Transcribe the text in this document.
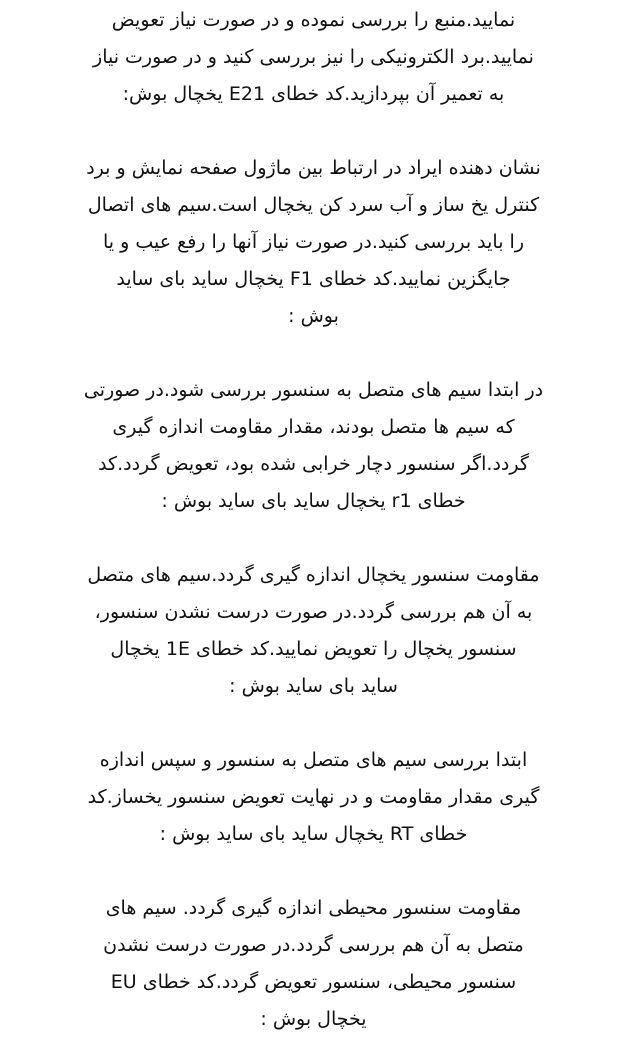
نمایید.منبع را بررسی نموده و در صورت نیاز تعویض
نمایید.برد الکترونیکی را نیز بررسی کنید و در صورت نیاز
به تعمیر آن بپردازید.کد خطای E21 یخچال بوش:

نشان دهنده ایراد در ارتباط بین ماژول صفحه نمایش و برد
کنترل یخ ساز و آب سرد کن یخچال است.سیم های اتصال
را باید بررسی کنید.در صورت نیاز آنها را رفع عیب و یا
جایگزین نمایید.کد خطای F1 یخچال ساید بای ساید
بوش :

در ابتدا سیم های متصل به سنسور بررسی شود.در صورتی
که سیم ها متصل بودند، مقدار مقاومت اندازه گیری
گردد.اگر سنسور دچار خرابی شده بود، تعویض گردد.کد
خطای r1 یخچال ساید بای ساید بوش :

مقاومت سنسور یخچال اندازه گیری گردد.سیم های متصل
به آن هم بررسی گردد.در صورت درست نشدن سنسور،
سنسور یخچال را تعویض نمایید.کد خطای 1E یخچال
ساید بای ساید بوش :

ابتدا بررسی سیم های متصل به سنسور و سپس اندازه
گیری مقدار مقاومت و در نهایت تعویض سنسور یخساز.کد
خطای RT یخچال ساید بای ساید بوش :

مقاومت سنسور محیطی اندازه گیری گردد. سیم های
متصل به آن هم بررسی گردد.در صورت درست نشدن
سنسور محیطی، سنسور تعویض گردد.کد خطای EU
یخچال بوش :
